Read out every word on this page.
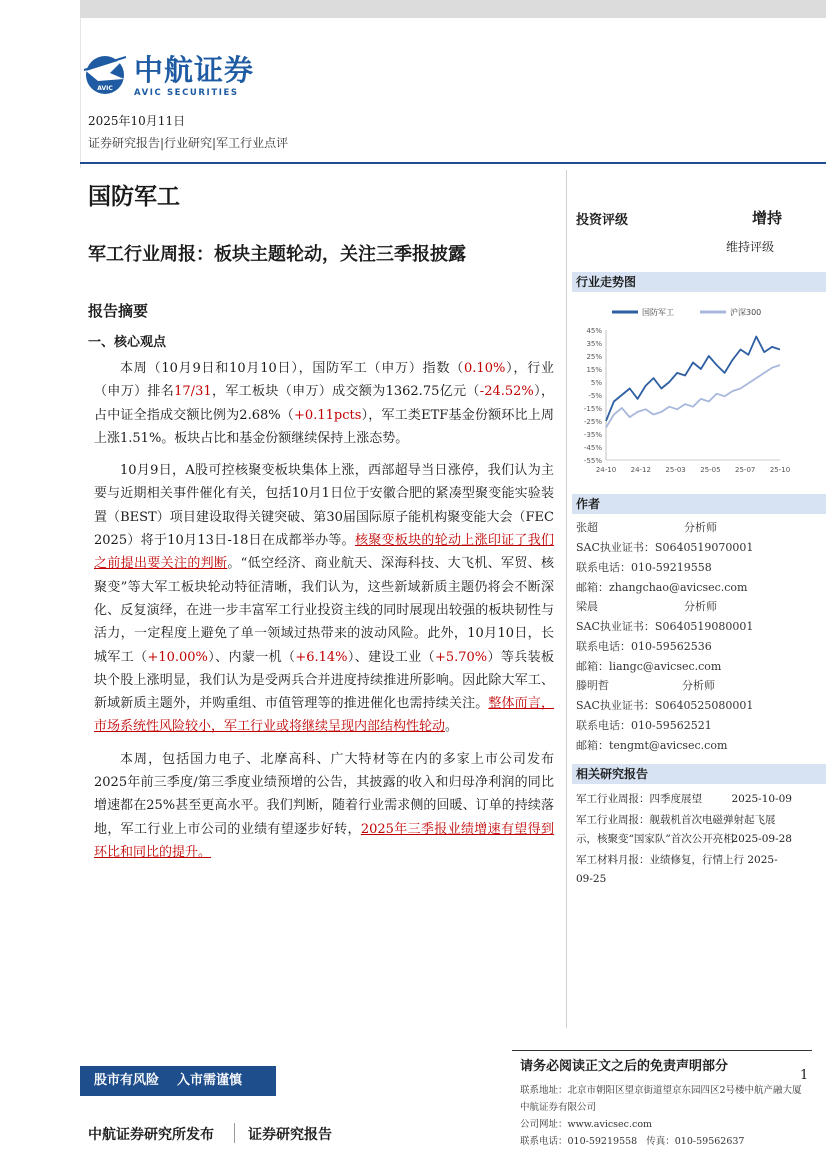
AVIC
中航证券
AVIC SECURITIES
2025年10月11日
证券研究报告|行业研究|军工行业点评
国防军工
军工行业周报：板块主题轮动，关注三季报披露
报告摘要
一、核心观点

本周（10月9日和10月10日），国防军工（申万）指数（0.10%），行业（申万）排名17/31，军工板块（申万）成交额为1362.75亿元（-24.52%），占中证全指成交额比例为2.68%（+0.11pcts），军工类ETF基金份额环比上周上涨1.51%。板块占比和基金份额继续保持上涨态势。

10月9日，A股可控核聚变板块集体上涨，西部超导当日涨停，我们认为主要与近期相关事件催化有关，包括10月1日位于安徽合肥的紧凑型聚变能实验装置（BEST）项目建设取得关键突破、第30届国际原子能机构聚变能大会（FEC 2025）将于10月13日-18日在成都举办等。核聚变板块的轮动上涨印证了我们之前提出要关注的判断。“低空经济、商业航天、深海科技、大飞机、军贸、核聚变”等大军工板块轮动特征清晰，我们认为，这些新域新质主题仍将会不断深化、反复演绎，在进一步丰富军工行业投资主线的同时展现出较强的板块韧性与活力，一定程度上避免了单一领域过热带来的波动风险。此外，10月10日，长城军工（+10.00%）、内蒙一机（+6.14%）、建设工业（+5.70%）等兵装板块个股上涨明显，我们认为是受两兵合并进度持续推进所影响。因此除大军工、新域新质主题外，并购重组、市值管理等的推进催化也需持续关注。整体而言，市场系统性风险较小，军工行业或将继续呈现内部结构性轮动。

本周，包括国力电子、北摩高科、广大特材等在内的多家上市公司发布2025年前三季度/第三季度业绩预增的公告，其披露的收入和归母净利润的同比增速都在25%甚至更高水平。我们判断，随着行业需求侧的回暖、订单的持续落地，军工行业上市公司的业绩有望逐步好转，2025年三季报业绩增速有望得到环比和同比的提升。

投资评级	增持
维持评级
行业走势图
国防军工	沪深300
45%
35%
25%
15%
5%
-5%
-15%
-25%
-35%
-45%
-55%
24-10 24-12 25-03 25-05 25-07 25-10
作者
张超	分析师
SAC执业证书： S0640519070001
联系电话： 010-59219558
邮箱： zhangchao@avicsec.com
梁晨	分析师
SAC执业证书： S0640519080001
联系电话： 010-59562536
邮箱： liangc@avicsec.com
滕明哲	分析师
SAC执业证书： S0640525080001
联系电话： 010-59562521
邮箱： tengmt@avicsec.com
相关研究报告
军工行业周报：四季度展望	2025-10-09
军工行业周报：舰载机首次电磁弹射起飞展示，核聚变“国家队”首次公开亮相
2025-09-28
军工材料月报：业绩修复，行情上行 2025-09-25
请务必阅读正文之后的免责声明部分
1
联系地址：北京市朝阳区望京街道望京东园四区2号楼中航产融大厦中航证券有限公司
公司网址：www.avicsec.com
联系电话：010-59219558 传真：010-59562637
股市有风险 入市需谨慎
中航证券研究所发布 证券研究报告
